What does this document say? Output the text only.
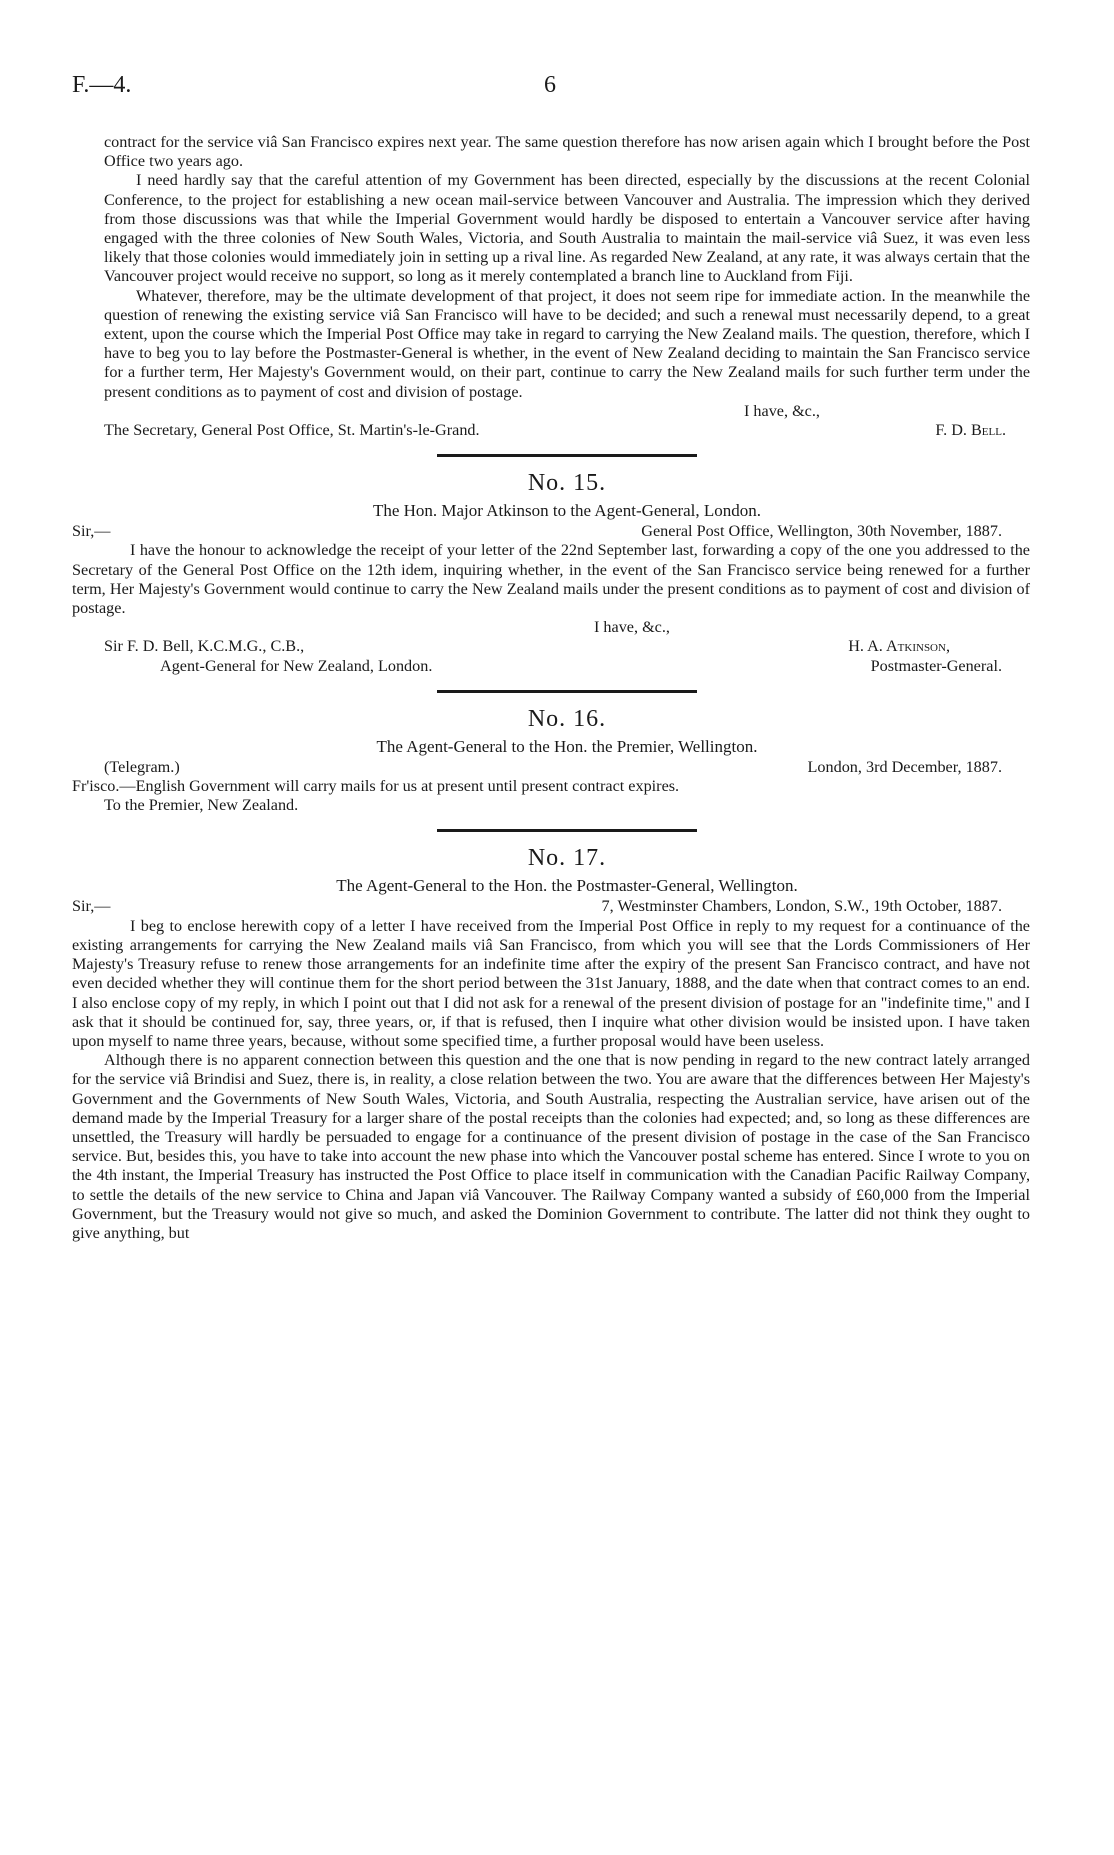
F.—4.	6

contract for the service viâ San Francisco expires next year. The same question therefore has now arisen again which I brought before the Post Office two years ago.

I need hardly say that the careful attention of my Government has been directed, especially by the discussions at the recent Colonial Conference, to the project for establishing a new ocean mail-service between Vancouver and Australia. The impression which they derived from those discussions was that while the Imperial Government would hardly be disposed to entertain a Vancouver service after having engaged with the three colonies of New South Wales, Victoria, and South Australia to maintain the mail-service viâ Suez, it was even less likely that those colonies would immediately join in setting up a rival line. As regarded New Zealand, at any rate, it was always certain that the Vancouver project would receive no support, so long as it merely contemplated a branch line to Auckland from Fiji.

Whatever, therefore, may be the ultimate development of that project, it does not seem ripe for immediate action. In the meanwhile the question of renewing the existing service viâ San Francisco will have to be decided; and such a renewal must necessarily depend, to a great extent, upon the course which the Imperial Post Office may take in regard to carrying the New Zealand mails. The question, therefore, which I have to beg you to lay before the Postmaster-General is whether, in the event of New Zealand deciding to maintain the San Francisco service for a further term, Her Majesty's Government would, on their part, continue to carry the New Zealand mails for such further term under the present conditions as to payment of cost and division of postage.

I have, &c.,

The Secretary, General Post Office, St. Martin's-le-Grand.	F. D. Bell.

No. 15.

The Hon. Major Atkinson to the Agent-General, London.

Sir,—	General Post Office, Wellington, 30th November, 1887.

I have the honour to acknowledge the receipt of your letter of the 22nd September last, forwarding a copy of the one you addressed to the Secretary of the General Post Office on the 12th idem, inquiring whether, in the event of the San Francisco service being renewed for a further term, Her Majesty's Government would continue to carry the New Zealand mails under the present conditions as to payment of cost and division of postage.

I have, &c.,

Sir F. D. Bell, K.C.M.G., C.B.,	H. A. Atkinson,
Agent-General for New Zealand, London.	Postmaster-General.

No. 16.

The Agent-General to the Hon. the Premier, Wellington.

(Telegram.)	London, 3rd December, 1887.

Fr'isco.—English Government will carry mails for us at present until present contract expires.

To the Premier, New Zealand.

No. 17.

The Agent-General to the Hon. the Postmaster-General, Wellington.

Sir,—	7, Westminster Chambers, London, S.W., 19th October, 1887.

I beg to enclose herewith copy of a letter I have received from the Imperial Post Office in reply to my request for a continuance of the existing arrangements for carrying the New Zealand mails viâ San Francisco, from which you will see that the Lords Commissioners of Her Majesty's Treasury refuse to renew those arrangements for an indefinite time after the expiry of the present San Francisco contract, and have not even decided whether they will continue them for the short period between the 31st January, 1888, and the date when that contract comes to an end. I also enclose copy of my reply, in which I point out that I did not ask for a renewal of the present division of postage for an "indefinite time," and I ask that it should be continued for, say, three years, or, if that is refused, then I inquire what other division would be insisted upon. I have taken upon myself to name three years, because, without some specified time, a further proposal would have been useless.

Although there is no apparent connection between this question and the one that is now pending in regard to the new contract lately arranged for the service viâ Brindisi and Suez, there is, in reality, a close relation between the two. You are aware that the differences between Her Majesty's Government and the Governments of New South Wales, Victoria, and South Australia, respecting the Australian service, have arisen out of the demand made by the Imperial Treasury for a larger share of the postal receipts than the colonies had expected; and, so long as these differences are unsettled, the Treasury will hardly be persuaded to engage for a continuance of the present division of postage in the case of the San Francisco service. But, besides this, you have to take into account the new phase into which the Vancouver postal scheme has entered. Since I wrote to you on the 4th instant, the Imperial Treasury has instructed the Post Office to place itself in communication with the Canadian Pacific Railway Company, to settle the details of the new service to China and Japan viâ Vancouver. The Railway Company wanted a subsidy of £60,000 from the Imperial Government, but the Treasury would not give so much, and asked the Dominion Government to contribute. The latter did not think they ought to give anything, but
